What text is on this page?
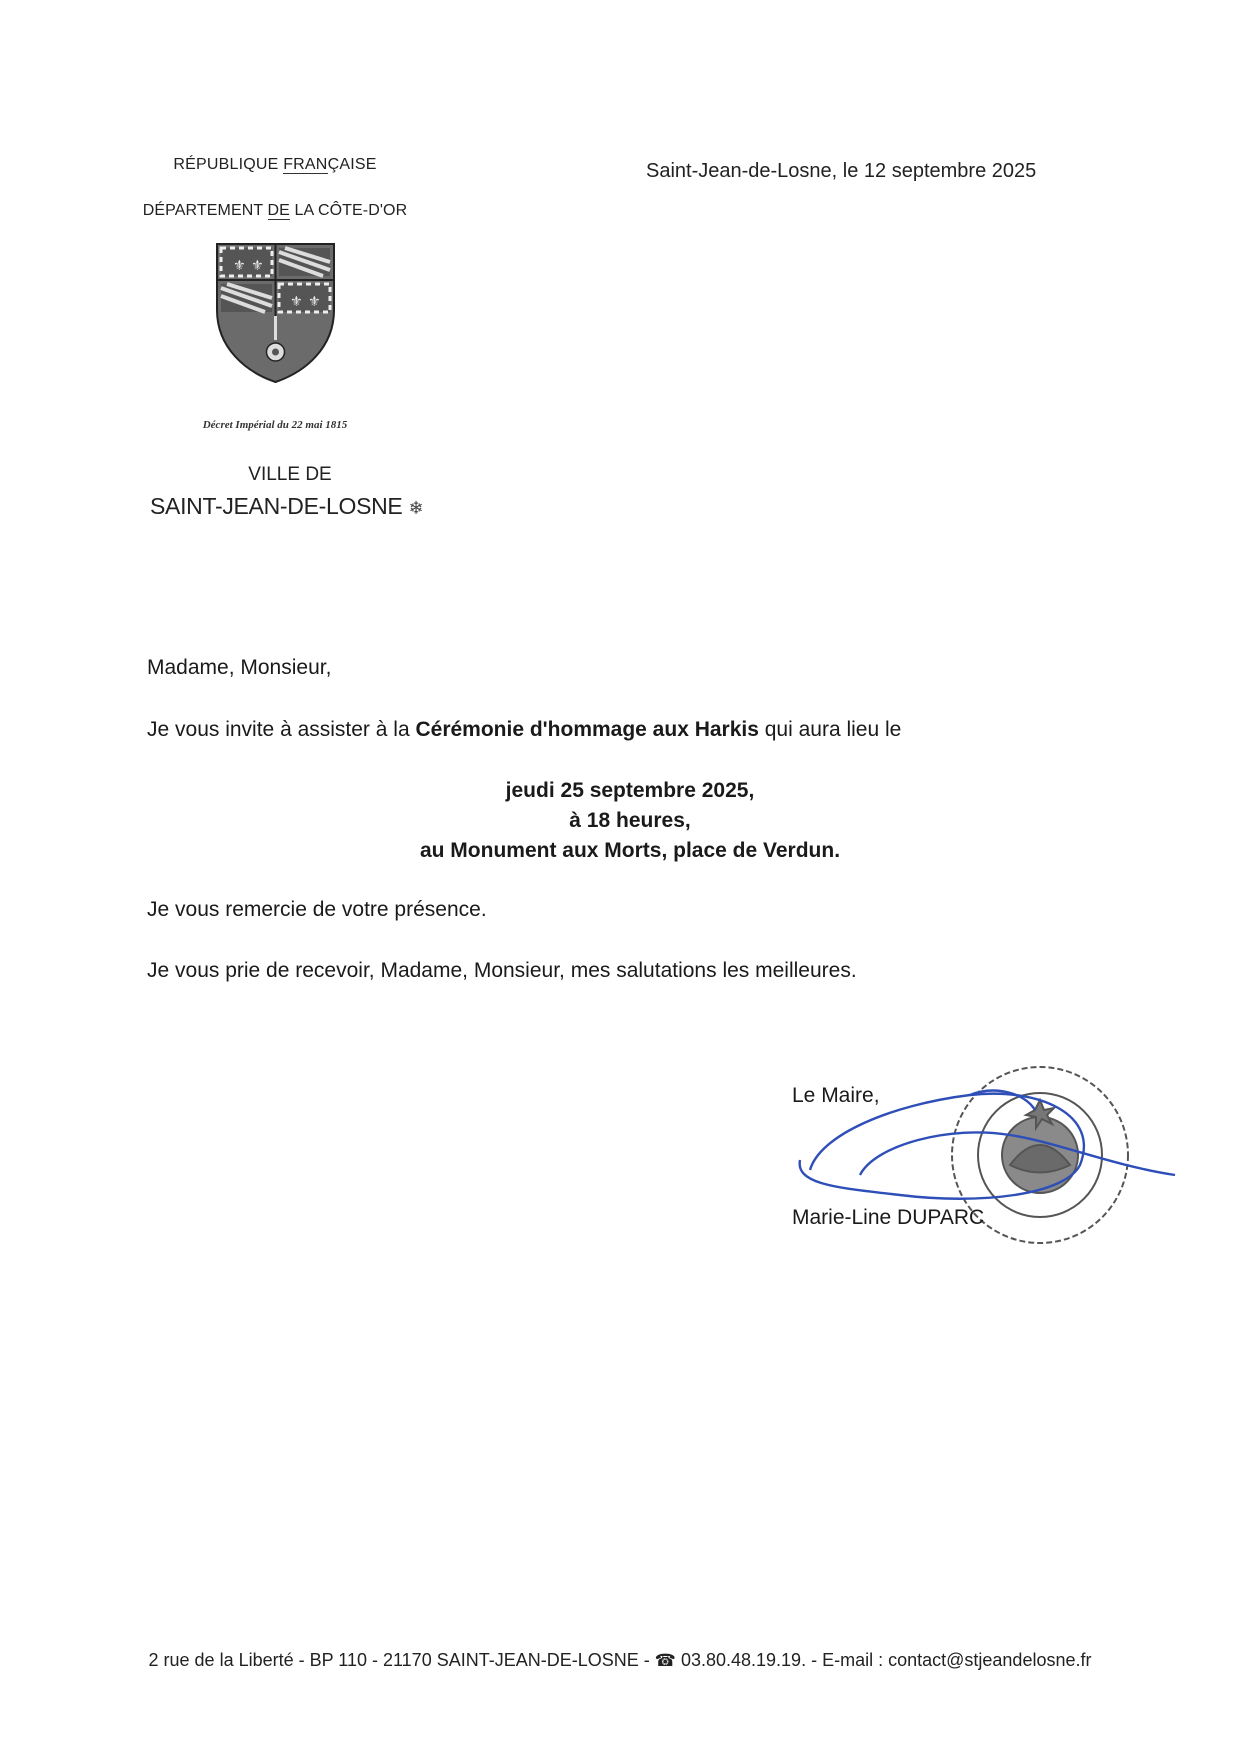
RÉPUBLIQUE FRANÇAISE
DÉPARTEMENT DE LA CÔTE-D'OR
⚜ ⚜
⚜ ⚜
Décret Impérial du 22 mai 1815
VILLE DE
SAINT-JEAN-DE-LOSNE ❄
Saint-Jean-de-Losne, le 12 septembre 2025
Madame, Monsieur,
Je vous invite à assister à la Cérémonie d'hommage aux Harkis qui aura lieu le
jeudi 25 septembre 2025,
à 18 heures,
au Monument aux Morts, place de Verdun.
Je vous remercie de votre présence.
Je vous prie de recevoir, Madame, Monsieur, mes salutations les meilleures.
Le Maire,
Marie-Line DUPARC
2 rue de la Liberté - BP 110 - 21170 SAINT-JEAN-DE-LOSNE - ☎ 03.80.48.19.19. - E-mail : contact@stjeandelosne.fr
